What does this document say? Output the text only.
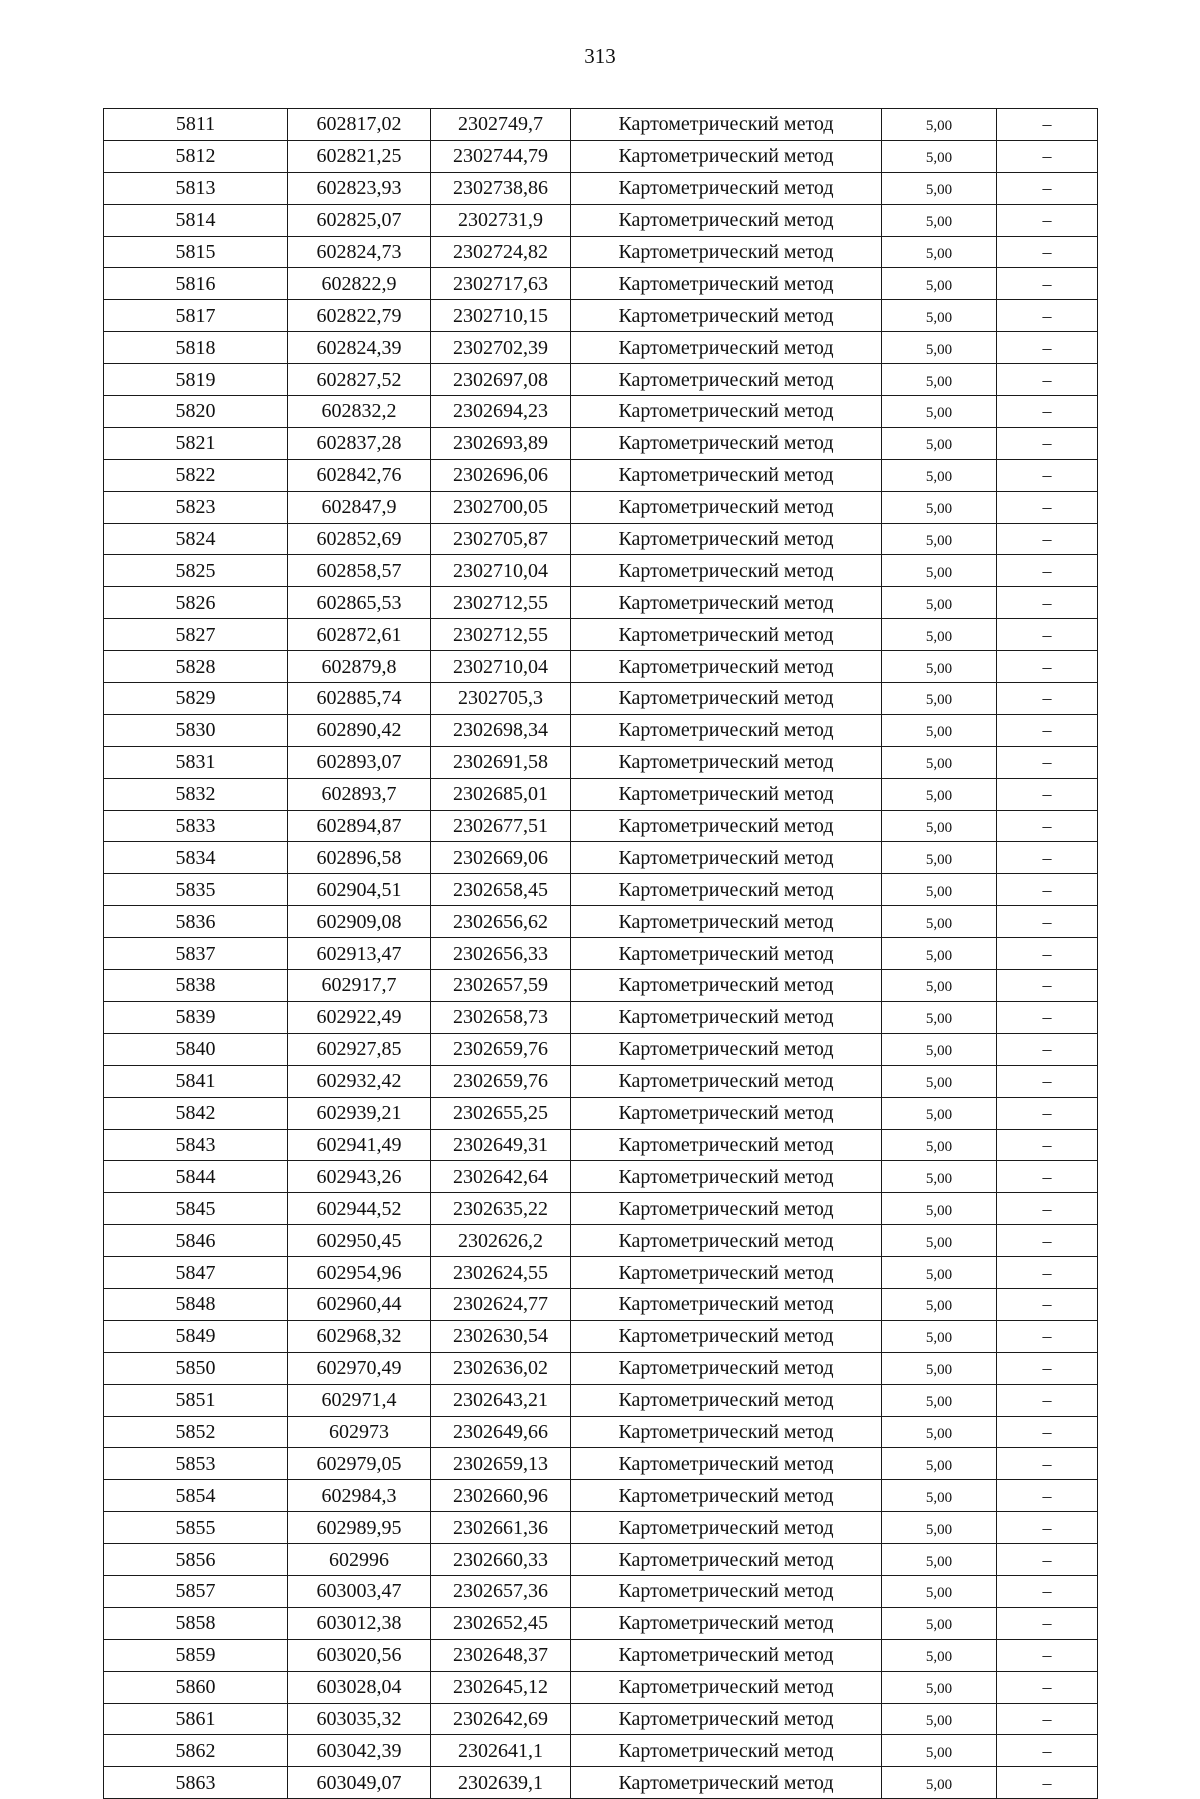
313
5811	602817,02	2302749,7	Картометрический метод	5,00	–
5812	602821,25	2302744,79	Картометрический метод	5,00	–
5813	602823,93	2302738,86	Картометрический метод	5,00	–
5814	602825,07	2302731,9	Картометрический метод	5,00	–
5815	602824,73	2302724,82	Картометрический метод	5,00	–
5816	602822,9	2302717,63	Картометрический метод	5,00	–
5817	602822,79	2302710,15	Картометрический метод	5,00	–
5818	602824,39	2302702,39	Картометрический метод	5,00	–
5819	602827,52	2302697,08	Картометрический метод	5,00	–
5820	602832,2	2302694,23	Картометрический метод	5,00	–
5821	602837,28	2302693,89	Картометрический метод	5,00	–
5822	602842,76	2302696,06	Картометрический метод	5,00	–
5823	602847,9	2302700,05	Картометрический метод	5,00	–
5824	602852,69	2302705,87	Картометрический метод	5,00	–
5825	602858,57	2302710,04	Картометрический метод	5,00	–
5826	602865,53	2302712,55	Картометрический метод	5,00	–
5827	602872,61	2302712,55	Картометрический метод	5,00	–
5828	602879,8	2302710,04	Картометрический метод	5,00	–
5829	602885,74	2302705,3	Картометрический метод	5,00	–
5830	602890,42	2302698,34	Картометрический метод	5,00	–
5831	602893,07	2302691,58	Картометрический метод	5,00	–
5832	602893,7	2302685,01	Картометрический метод	5,00	–
5833	602894,87	2302677,51	Картометрический метод	5,00	–
5834	602896,58	2302669,06	Картометрический метод	5,00	–
5835	602904,51	2302658,45	Картометрический метод	5,00	–
5836	602909,08	2302656,62	Картометрический метод	5,00	–
5837	602913,47	2302656,33	Картометрический метод	5,00	–
5838	602917,7	2302657,59	Картометрический метод	5,00	–
5839	602922,49	2302658,73	Картометрический метод	5,00	–
5840	602927,85	2302659,76	Картометрический метод	5,00	–
5841	602932,42	2302659,76	Картометрический метод	5,00	–
5842	602939,21	2302655,25	Картометрический метод	5,00	–
5843	602941,49	2302649,31	Картометрический метод	5,00	–
5844	602943,26	2302642,64	Картометрический метод	5,00	–
5845	602944,52	2302635,22	Картометрический метод	5,00	–
5846	602950,45	2302626,2	Картометрический метод	5,00	–
5847	602954,96	2302624,55	Картометрический метод	5,00	–
5848	602960,44	2302624,77	Картометрический метод	5,00	–
5849	602968,32	2302630,54	Картометрический метод	5,00	–
5850	602970,49	2302636,02	Картометрический метод	5,00	–
5851	602971,4	2302643,21	Картометрический метод	5,00	–
5852	602973	2302649,66	Картометрический метод	5,00	–
5853	602979,05	2302659,13	Картометрический метод	5,00	–
5854	602984,3	2302660,96	Картометрический метод	5,00	–
5855	602989,95	2302661,36	Картометрический метод	5,00	–
5856	602996	2302660,33	Картометрический метод	5,00	–
5857	603003,47	2302657,36	Картометрический метод	5,00	–
5858	603012,38	2302652,45	Картометрический метод	5,00	–
5859	603020,56	2302648,37	Картометрический метод	5,00	–
5860	603028,04	2302645,12	Картометрический метод	5,00	–
5861	603035,32	2302642,69	Картометрический метод	5,00	–
5862	603042,39	2302641,1	Картометрический метод	5,00	–
5863	603049,07	2302639,1	Картометрический метод	5,00	–
